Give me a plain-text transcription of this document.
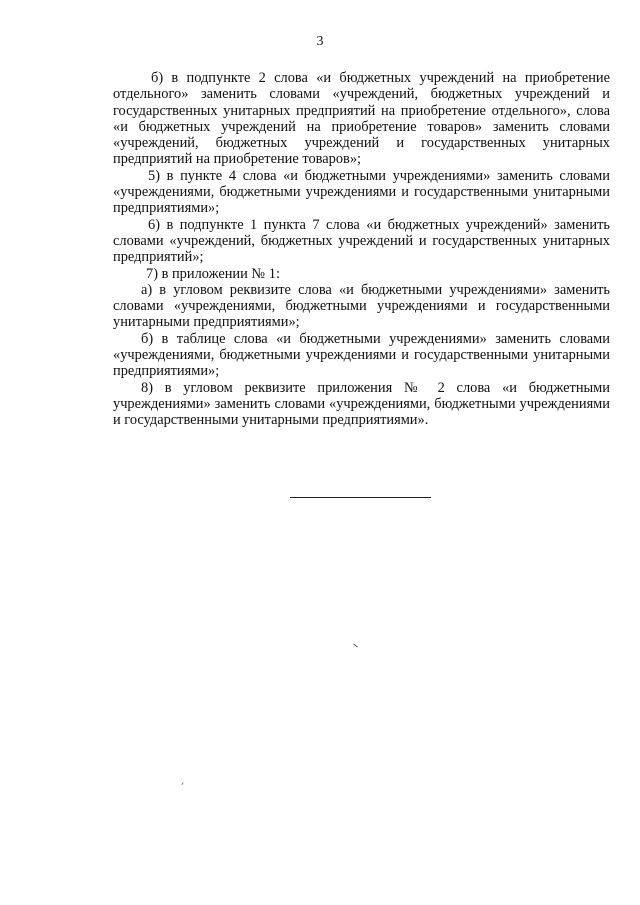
3

б) в подпункте 2 слова «и бюджетных учреждений на приобретение отдельного» заменить словами «учреждений, бюджетных учреждений и государственных унитарных предприятий на приобретение отдельного», слова «и бюджетных учреждений на приобретение товаров» заменить словами «учреждений, бюджетных учреждений и государственных унитарных предприятий на приобретение товаров»;

5) в пункте 4 слова «и бюджетными учреждениями» заменить словами «учреждениями, бюджетными учреждениями и государственными унитарными предприятиями»;

6) в подпункте 1 пункта 7 слова «и бюджетных учреждений» заменить словами «учреждений, бюджетных учреждений и государственных унитарных предприятий»;

7) в приложении № 1:

а) в угловом реквизите слова «и бюджетными учреждениями» заменить словами «учреждениями, бюджетными учреждениями и государственными унитарными предприятиями»;

б) в таблице слова «и бюджетными учреждениями» заменить словами «учреждениями, бюджетными учреждениями и государственными унитарными предприятиями»;

8) в угловом реквизите приложения № 2 слова «и бюджетными учреждениями» заменить словами «учреждениями, бюджетными учреждениями и государственными унитарными предприятиями».
